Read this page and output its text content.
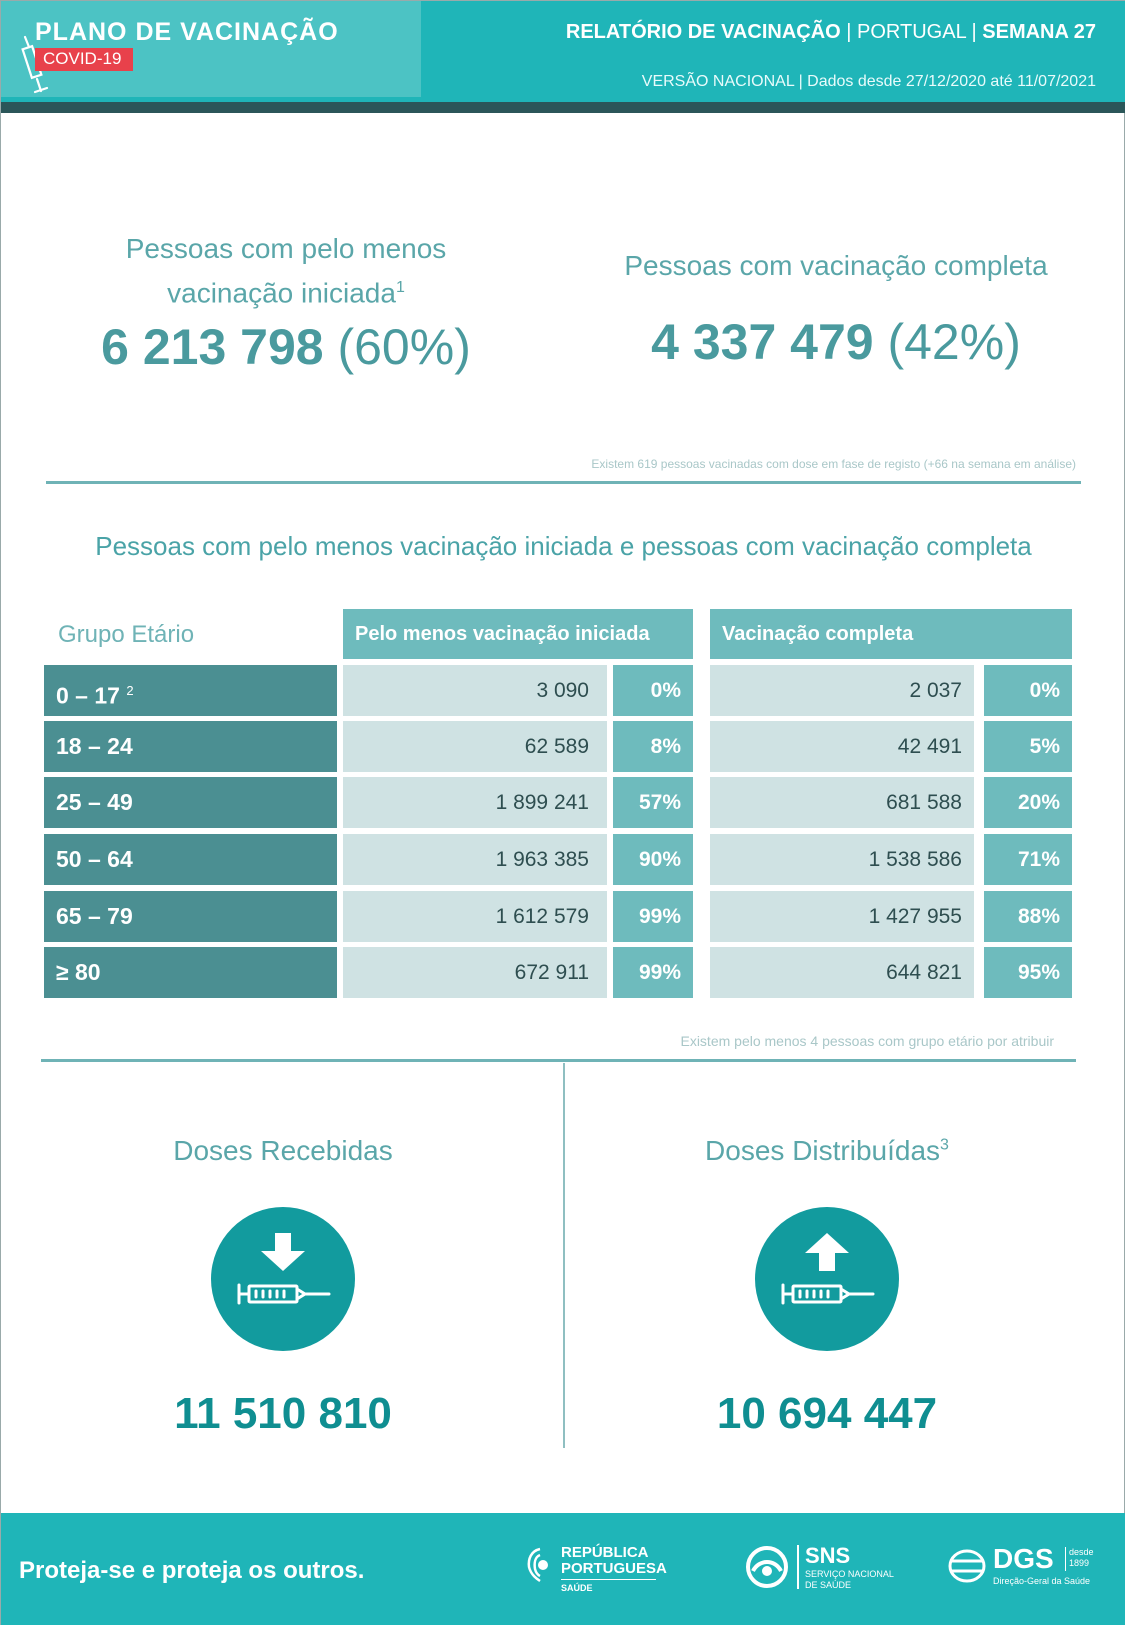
PLANO DE VACINAÇÃO
COVID-19
RELATÓRIO DE VACINAÇÃO | PORTUGAL | SEMANA 27
VERSÃO NACIONAL | Dados desde 27/12/2020 até 11/07/2021
Pessoas com pelo menos
vacinação iniciada$^1$
6 213 798 (60%)
Pessoas com vacinação completa
4 337 479 (42%)
Existem 619 pessoas vacinadas com dose em fase de registo (+66 na semana em análise)
Pessoas com pelo menos vacinação iniciada e pessoas com vacinação completa
Grupo Etário	Pelo menos vacinação iniciada	Vacinação completa
0 – 17 $^2$	3 090	0%	2 037	0%
18 – 24	62 589	8%	42 491	5%
25 – 49	1 899 241	57%	681 588	20%
50 – 64	1 963 385	90%	1 538 586	71%
65 – 79	1 612 579	99%	1 427 955	88%
≥ 80	672 911	99%	644 821	95%
Existem pelo menos 4 pessoas com grupo etário por atribuir
Doses Recebidas
11 510 810
Doses Distribuídas$^3$
10 694 447
Proteja-se e proteja os outros.
REPÚBLICA
PORTUGUESA
SAÚDE
SNS
SERVIÇO NACIONAL
DE SAÚDE
DGS desde
1899
Direção-Geral da Saúde
